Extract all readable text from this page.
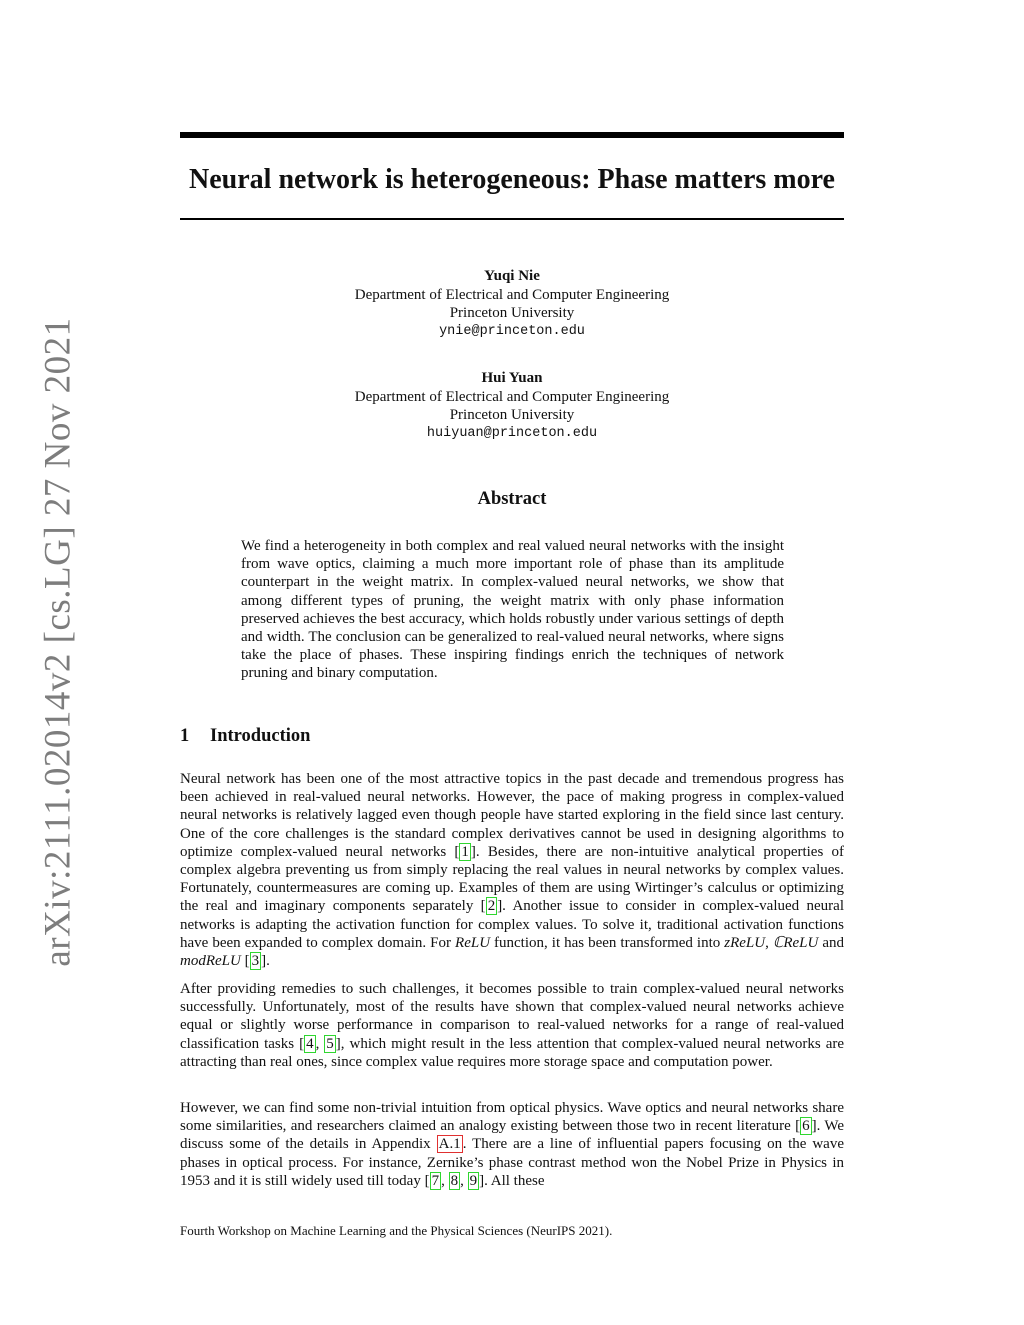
arXiv:2111.02014v2 [cs.LG] 27 Nov 2021
Neural network is heterogeneous: Phase matters more
Yuqi Nie
Department of Electrical and Computer Engineering
Princeton University
ynie@princeton.edu
Hui Yuan
Department of Electrical and Computer Engineering
Princeton University
huiyuan@princeton.edu
Abstract

We find a heterogeneity in both complex and real valued neural networks with the insight from wave optics, claiming a much more important role of phase than its amplitude counterpart in the weight matrix. In complex-valued neural networks, we show that among different types of pruning, the weight matrix with only phase information preserved achieves the best accuracy, which holds robustly under various settings of depth and width. The conclusion can be generalized to real-valued neural networks, where signs take the place of phases. These inspiring findings enrich the techniques of network pruning and binary computation.

1 Introduction

Neural network has been one of the most attractive topics in the past decade and tremendous progress has been achieved in real-valued neural networks. However, the pace of making progress in complex-valued neural networks is relatively lagged even though people have started exploring in the field since last century. One of the core challenges is the standard complex derivatives cannot be used in designing algorithms to optimize complex-valued neural networks [ 1 ]. Besides, there are non-intuitive analytical properties of complex algebra preventing us from simply replacing the real values in neural networks by complex values. Fortunately, countermeasures are coming up. Examples of them are using Wirtinger’s calculus or optimizing the real and imaginary components separately [ 2 ]. Another issue to consider in complex-valued neural networks is adapting the activation function for complex values. To solve it, traditional activation functions have been expanded to complex domain. For ReLU function, it has been transformed into zReLU, ℂReLU and modReLU [ 3 ].

After providing remedies to such challenges, it becomes possible to train complex-valued neural networks successfully. Unfortunately, most of the results have shown that complex-valued neural networks achieve equal or slightly worse performance in comparison to real-valued networks for a range of real-valued classification tasks [ 4 , 5 ], which might result in the less attention that complex-valued neural networks are attracting than real ones, since complex value requires more storage space and computation power.

However, we can find some non-trivial intuition from optical physics. Wave optics and neural networks share some similarities, and researchers claimed an analogy existing between those two in recent literature [ 6 ]. We discuss some of the details in Appendix A.1 . There are a line of influential papers focusing on the wave phases in optical process. For instance, Zernike’s phase contrast method won the Nobel Prize in Physics in 1953 and it is still widely used till today [ 7 , 8 , 9 ]. All these

Fourth Workshop on Machine Learning and the Physical Sciences (NeurIPS 2021).
